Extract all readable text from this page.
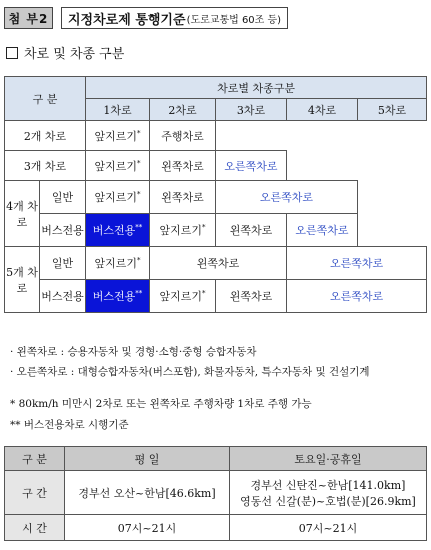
첨 부2	지정차로제 통행기준 (도로교통법 60조 등)
차로 및 차종 구분
구 분		차로별 차종구분				
		1차로	2차로	3차로	4차로	5차로
2개 차로		앞지르기*	주행차로			
3개 차로		앞지르기*	왼쪽차로	오른쪽차로		
4개 차로	일반	앞지르기*	왼쪽차로	오른쪽차로		
	버스전용	버스전용**	앞지르기*	왼쪽차로	오른쪽차로	
5개 차로	일반	앞지르기*	왼쪽차로		오른쪽차로	
	버스전용	버스전용**	앞지르기*	왼쪽차로	오른쪽차로	
· 왼쪽차로 : 승용자동차 및 경형·소형·중형 승합자동차
· 오른쪽차로 : 대형승합자동차(버스포함), 화물자동차, 특수자동차 및 건설기계
* 80km/h 미만시 2차로 또는 왼쪽차로 주행차량 1차로 주행 가능
** 버스전용차로 시행기준
구 분	평 일	토요일·공휴일
구 간	경부선 오산~한남[46.6km]	경부선 신탄진~한남[141.0km]
영동선 신갈(분)~호법(분)[26.9km]

시 간	07시~21시	07시~21시
